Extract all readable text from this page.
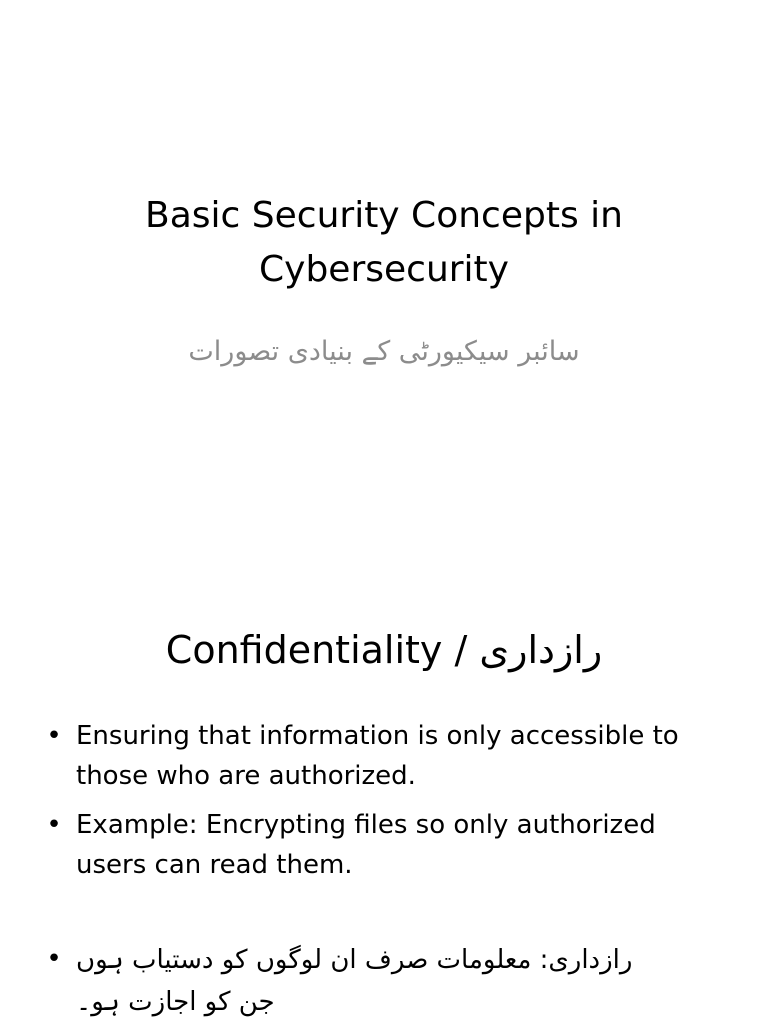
Basic Security Concepts in Cybersecurity

سائبر سیکیورٹی کے بنیادی تصورات

Confidentiality / رازداری
• Ensuring that information is only accessible to those who are authorized.
• Example: Encrypting files so only authorized users can read them.
• رازداری: معلومات صرف ان لوگوں کو دستیاب ہوں جن کو اجازت ہو۔
